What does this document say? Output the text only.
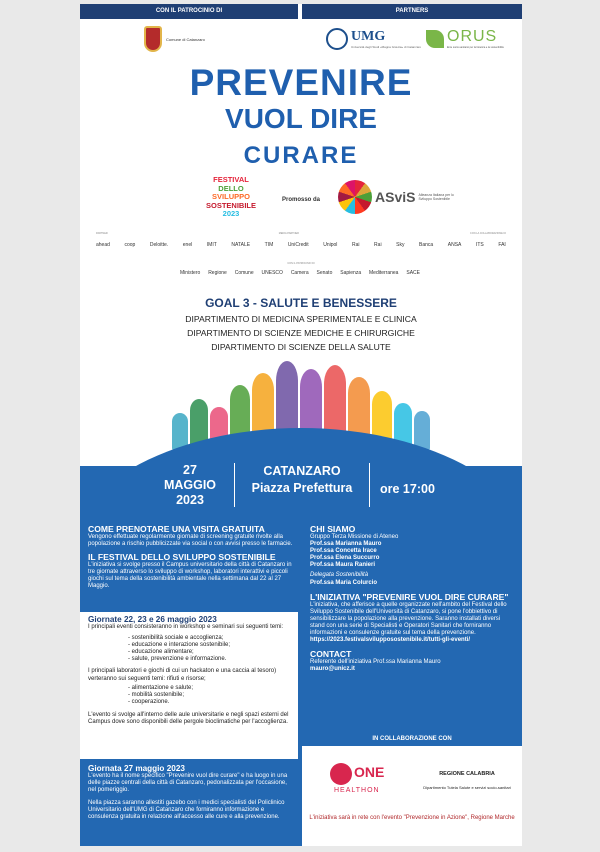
CON IL PATROCINIO DI	PARTNERS
Comune di Catanzaro	UMG
Università degli Studi «Magna Græcia» di Catanzaro
ORUS
Ente socio-sanitario per la bioetica e la sostenibilità
PREVENIRE
VUOL DIRE
CURARE
FESTIVAL
DELLO
SVILUPPO
SOSTENIBILE
2023
Promosso da	ASviS Alleanza Italiana per lo Sviluppo Sostenibile
PARTNER	MEDIA PARTNER	CON LA COLLABORAZIONE DI
ahead	coop	Deloitte.	enel	IMIT	NATALE	TIM	UniCredit	Unipol	Rai	Rai	Sky	Banca	ANSA	ITS	FAI
CON IL PATROCINIO DI
Ministero Regione Comune UNESCO Camera Senato Sapienza Mediterranea SACE
GOAL 3 - SALUTE E BENESSERE
DIPARTIMENTO DI MEDICINA SPERIMENTALE E CLINICA
DIPARTIMENTO DI SCIENZE MEDICHE E CHIRURGICHE
DIPARTIMENTO DI SCIENZE DELLA SALUTE
27
MAGGIO
2023
CATANZARO
Piazza Prefettura	ore 17:00
COME PRENOTARE UNA VISITA GRATUITA

Vengono effettuate regolarmente giornate di screening gratuite rivolte alla popolazione a rischio pubblicizzate via social o con avvisi presso le farmacie.

IL FESTIVAL DELLO SVILUPPO SOSTENIBILE

L'iniziativa si svolge presso il Campus universitario della città di Catanzaro in tre giornate attraverso lo sviluppo di workshop, laboratori interattivi e piccoli giochi sul tema della sostenibilità ambientale nella settimana dal 22 al 27 Maggio.

Giornate 22, 23 e 26 maggio 2023

I principali eventi consisteranno in workshop e seminari sui seguenti temi:

- sostenibilità sociale e accoglienza;
- educazione e interazione sostenibile;
- educazione alimentare;
- salute, prevenzione e informazione.

I principali laboratori e giochi di cui un hackaton e una caccia al tesoro) verteranno sui seguenti temi: rifiuti e risorse;

- alimentazione e salute;
- mobilità sostenibile;
- cooperazione.

L'evento si svolge all'interno delle aule universitarie e negli spazi esterni del Campus dove sono disponibili delle pergole bioclimatiche per l'accoglienza.

Giornata 27 maggio 2023

L'evento ha il nome specifico "Prevenire vuol dire curare" e ha luogo in una delle piazze centrali della città di Catanzaro, pedonalizzata per l'occasione, nel pomeriggio.

Nella piazza saranno allestiti gazebo con i medici specialisti del Policlinico Universitario dell'UMG di Catanzaro che forniranno informazione e consulenza gratuita in relazione all'accesso alle cure e alla prevenzione.

CHI SIAMO

Gruppo Terza Missione di Ateneo

Prof.ssa Marianna Mauro
Prof.ssa Concetta Irace
Prof.ssa Elena Succurro
Prof.ssa Maura Ranieri

Delegata Sostenibilità

Prof.ssa Maria Colurcio

L'INIZIATIVA "PREVENIRE VUOL DIRE CURARE"

L'iniziativa, che afferisce a quelle organizzate nell'ambito del Festival dello Sviluppo Sostenibile dell'Università di Catanzaro, si pone l'obbiettivo di sensibilizzare la popolazione alla prevenzione. Saranno installati diversi stand con una serie di Specialisti e Operatori Sanitari che forniranno informazioni e consulenze gratuite sul tema della prevenzione.

https://2023.festivalsvilupposostenibile.it/tutti-gli-eventi/

CONTACT

Referente dell'iniziativa Prof.ssa Marianna Mauro

mauro@unicz.it

IN COLLABORAZIONE CON
ONE
HEALTHON
REGIONE CALABRIA
Dipartimento Tutela Salute e servizi socio-sanitari
L'iniziativa sarà in rete con l'evento "Prevenzione in Azione", Regione Marche
